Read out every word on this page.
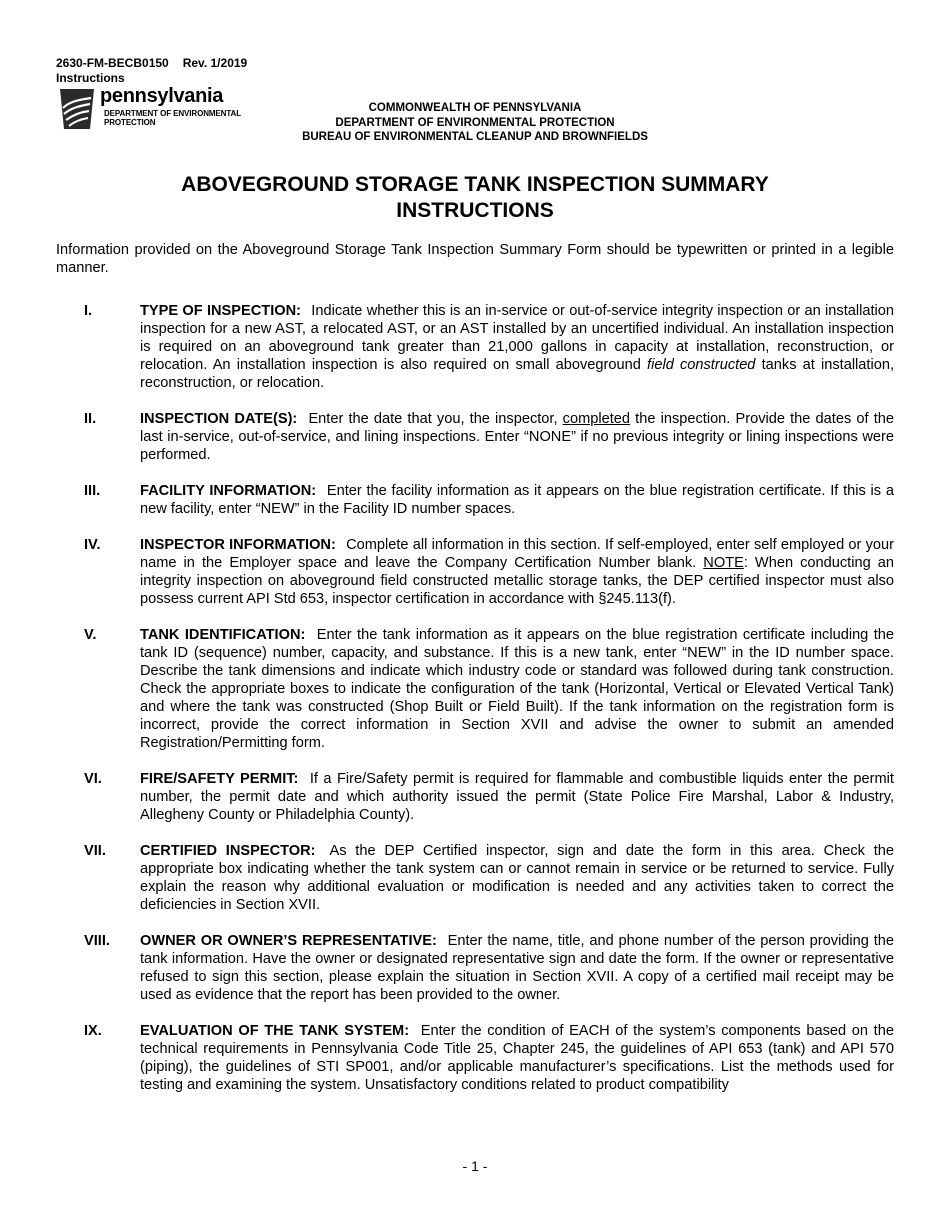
2630-FM-BECB0150 Rev. 1/2019
Instructions
pennsylvania
DEPARTMENT OF ENVIRONMENTAL
PROTECTION
COMMONWEALTH OF PENNSYLVANIA
DEPARTMENT OF ENVIRONMENTAL PROTECTION
BUREAU OF ENVIRONMENTAL CLEANUP AND BROWNFIELDS
ABOVEGROUND STORAGE TANK INSPECTION SUMMARY
INSTRUCTIONS
Information provided on the Aboveground Storage Tank Inspection Summary Form should be typewritten or printed in a legible manner.
I.	TYPE OF INSPECTION: Indicate whether this is an in-service or out-of-service integrity inspection or an installation inspection for a new AST, a relocated AST, or an AST installed by an uncertified individual. An installation inspection is required on an aboveground tank greater than 21,000 gallons in capacity at installation, reconstruction, or relocation. An installation inspection is also required on small aboveground field constructed tanks at installation, reconstruction, or relocation.
II.	INSPECTION DATE(S): Enter the date that you, the inspector, completed the inspection. Provide the dates of the last in-service, out-of-service, and lining inspections. Enter “NONE” if no previous integrity or lining inspections were performed.
III.	FACILITY INFORMATION: Enter the facility information as it appears on the blue registration certificate. If this is a new facility, enter “NEW” in the Facility ID number spaces.
IV.	INSPECTOR INFORMATION: Complete all information in this section. If self-employed, enter self employed or your name in the Employer space and leave the Company Certification Number blank. NOTE: When conducting an integrity inspection on aboveground field constructed metallic storage tanks, the DEP certified inspector must also possess current API Std 653, inspector certification in accordance with §245.113(f).
V.	TANK IDENTIFICATION: Enter the tank information as it appears on the blue registration certificate including the tank ID (sequence) number, capacity, and substance. If this is a new tank, enter “NEW” in the ID number space. Describe the tank dimensions and indicate which industry code or standard was followed during tank construction. Check the appropriate boxes to indicate the configuration of the tank (Horizontal, Vertical or Elevated Vertical Tank) and where the tank was constructed (Shop Built or Field Built). If the tank information on the registration form is incorrect, provide the correct information in Section XVII and advise the owner to submit an amended Registration/Permitting form.
VI.	FIRE/SAFETY PERMIT: If a Fire/Safety permit is required for flammable and combustible liquids enter the permit number, the permit date and which authority issued the permit (State Police Fire Marshal, Labor & Industry, Allegheny County or Philadelphia County).
VII. CERTIFIED INSPECTOR: As the DEP Certified inspector, sign and date the form in this area. Check the appropriate box indicating whether the tank system can or cannot remain in service or be returned to service. Fully explain the reason why additional evaluation or modification is needed and any activities taken to correct the deficiencies in Section XVII.
VIII. OWNER OR OWNER’S REPRESENTATIVE: Enter the name, title, and phone number of the person providing the tank information. Have the owner or designated representative sign and date the form. If the owner or representative refused to sign this section, please explain the situation in Section XVII. A copy of a certified mail receipt may be used as evidence that the report has been provided to the owner.
IX.	EVALUATION OF THE TANK SYSTEM: Enter the condition of EACH of the system’s components based on the technical requirements in Pennsylvania Code Title 25, Chapter 245, the guidelines of API 653 (tank) and API 570 (piping), the guidelines of STI SP001, and/or applicable manufacturer’s specifications. List the methods used for testing and examining the system. Unsatisfactory conditions related to product compatibility
- 1 -
